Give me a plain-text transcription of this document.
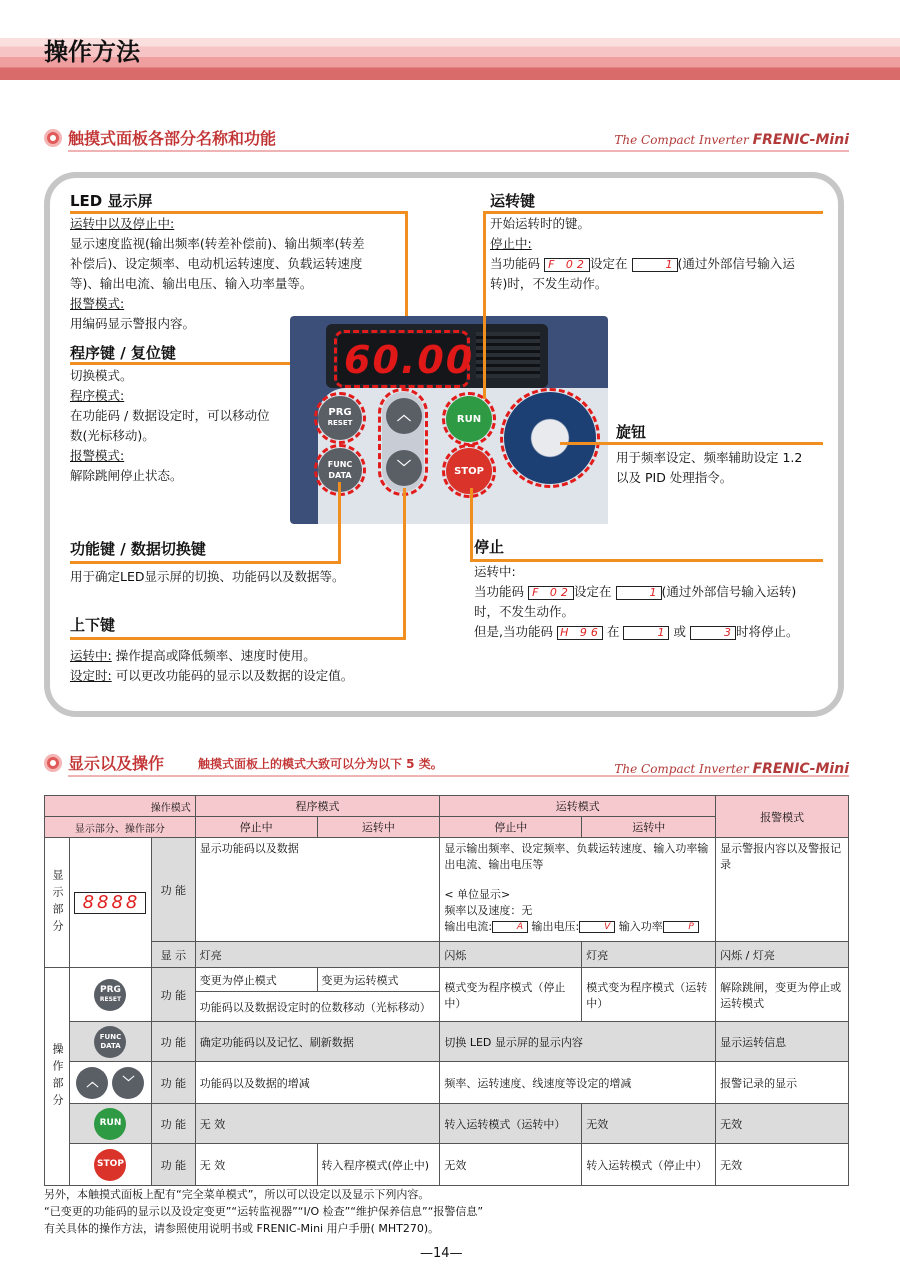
操作方法
触摸式面板各部分名称和功能	The Compact Inverter FRENIC-Mini
LED 显示屏
运转中以及停止中:
显示速度监视(输出频率(转差补偿前)、输出频率(转差
补偿后)、设定频率、电动机运转速度、负载运转速度
等)、输出电流、输出电压、输入功率量等。
报警模式:
用编码显示警报内容。
程序键 / 复位键
切换模式。
程序模式:
在功能码 / 数据设定时，可以移动位
数(光标移动)。
报警模式:
解除跳闸停止状态。
60.00
PRG
RESET
FUNC
DATA
︿
﹀
RUN
STOP
运转键
开始运转时的键。
停止中:
当功能码 F 02 设定在	1(通过外部信号输入运
转)时，不发生动作。
旋钮
用于频率设定、频率辅助设定 1.2
以及 PID 处理指令。
功能键 / 数据切换键
用于确定LED显示屏的切换、功能码以及数据等。
停止
运转中:
当功能码 F 02 设定在	1(通过外部信号输入运转)
时，不发生动作。
但是,当功能码 H 96 在	1 或	3时将停止。
上下键
运转中: 操作提高或降低频率、速度时使用。
设定时: 可以更改功能码的显示以及数据的设定值。
显示以及操作	触摸式面板上的模式大致可以分为以下 5 类。	The Compact Inverter FRENIC-Mini
操作模式			程序模式		运转模式		报警模式
显示部分、操作部分			停止中	运转中	停止中	运转中	
显示部分	8888	功 能	显示功能码以及数据		显示输出频率、设定频率、负载运转速度、输入功率输出电流、输出电压等
< 单位显示>
频率以及速度：无
输出电流: A 输出电压: V 输入功率 P		显示警报内容以及警报记录
		显 示	灯亮		闪烁	灯亮	闪烁 / 灯亮
操作部分	PRG
RESET	功 能	变更为停止模式	变更为运转模式	模式变为程序模式（停止中）	模式变为程序模式（运转中）	解除跳闸，变更为停止或运转模式
			功能码以及数据设定时的位数移动（光标移动）				

	FUNC
DATA	功 能	确定功能码以及记忆、刷新数据		切换 LED 显示屏的显示内容		显示运转信息

	︿ ﹀	功 能	功能码以及数据的增减		频率、运转速度、线速度等设定的增减		报警记录的显示

	RUN	功 能	无 效		转入运转模式（运转中）	无效	无效

	STOP	功 能	无 效	转入程序模式(停止中)	无效	转入运转模式（停止中）	无效
另外，本触摸式面板上配有“完全菜单模式”，所以可以设定以及显示下列内容。
“已变更的功能码的显示以及设定变更”“运转监视器”“I/O 检查”“维护保养信息”“报警信息”
有关具体的操作方法，请参照使用说明书或 FRENIC-Mini 用户手册( MHT270)。
—14—
